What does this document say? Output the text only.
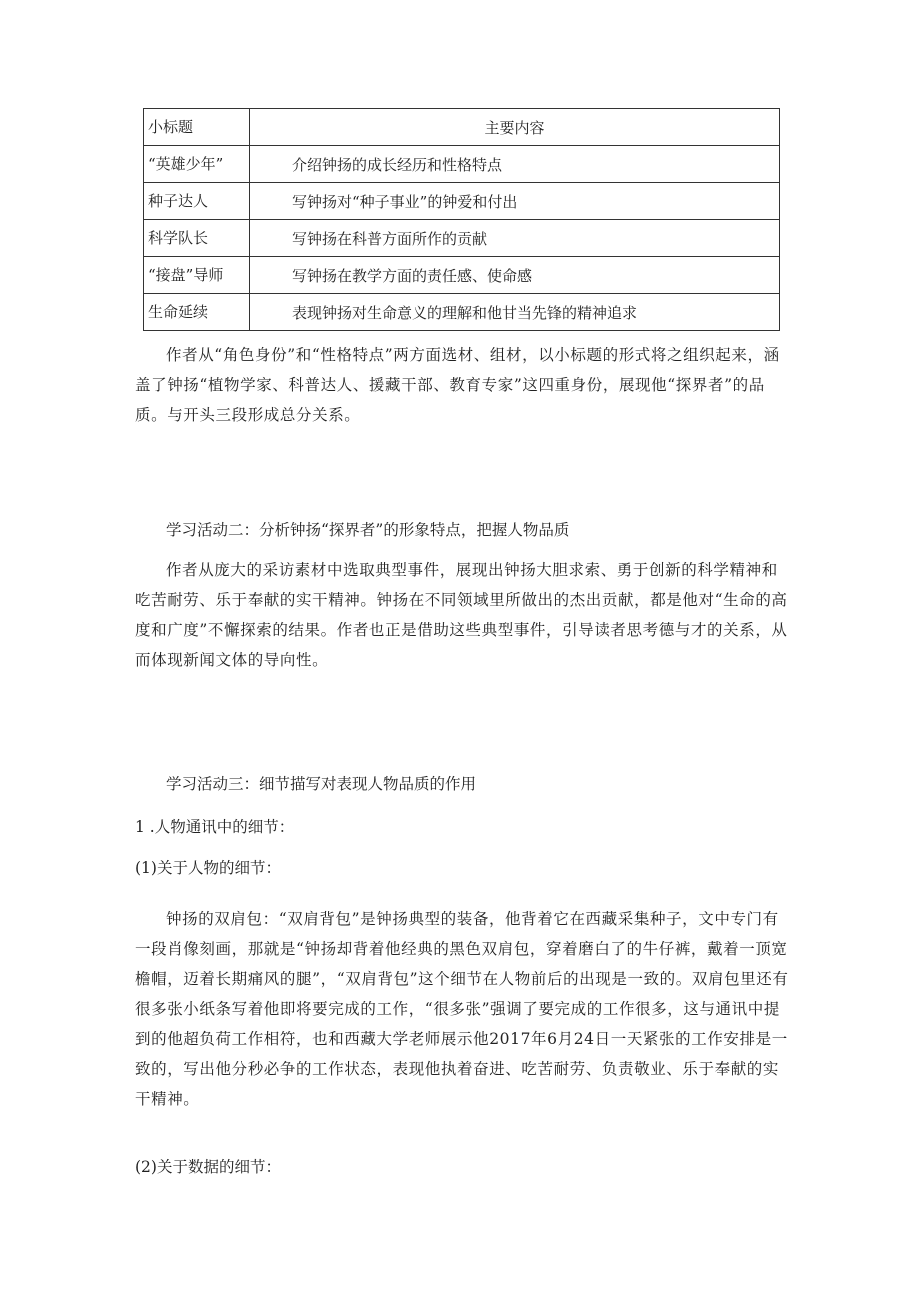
小标题	主要内容
“英雄少年”	介绍钟扬的成长经历和性格特点
种子达人	写钟扬对“种子事业”的钟爱和付出
科学队长	写钟扬在科普方面所作的贡献
“接盘”导师	写钟扬在教学方面的责任感、使命感
生命延续	表现钟扬对生命意义的理解和他甘当先锋的精神追求

作者从“角色身份”和“性格特点”两方面选材、组材，以小标题的形式将之组织起来，涵盖了钟扬“植物学家、科普达人、援藏干部、教育专家”这四重身份，展现他“探界者”的品质。与开头三段形成总分关系。

学习活动二：分析钟扬“探界者”的形象特点，把握人物品质

作者从庞大的采访素材中选取典型事件，展现出钟扬大胆求索、勇于创新的科学精神和吃苦耐劳、乐于奉献的实干精神。钟扬在不同领域里所做出的杰出贡献，都是他对“生命的高度和广度”不懈探索的结果。作者也正是借助这些典型事件，引导读者思考德与才的关系，从而体现新闻文体的导向性。

学习活动三：细节描写对表现人物品质的作用

1 .人物通讯中的细节：

(1)关于人物的细节：

钟扬的双肩包：“双肩背包”是钟扬典型的装备，他背着它在西藏采集种子，文中专门有一段肖像刻画，那就是“钟扬却背着他经典的黑色双肩包，穿着磨白了的牛仔裤，戴着一顶宽檐帽，迈着长期痛风的腿”，“双肩背包”这个细节在人物前后的出现是一致的。双肩包里还有很多张小纸条写着他即将要完成的工作，“很多张”强调了要完成的工作很多，这与通讯中提到的他超负荷工作相符，也和西藏大学老师展示他2017年6月24日一天紧张的工作安排是一致的，写出他分秒必争的工作状态，表现他执着奋进、吃苦耐劳、负责敬业、乐于奉献的实干精神。

(2)关于数据的细节：
